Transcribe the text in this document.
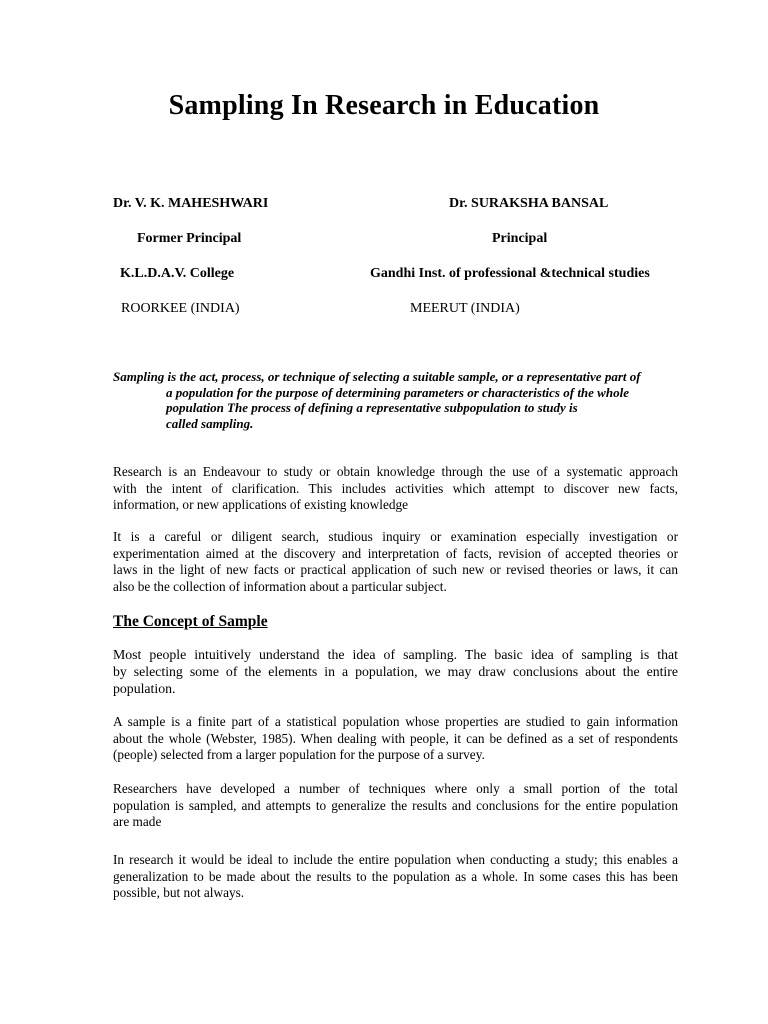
Sampling In Research in Education
Dr. V. K. MAHESHWARI
Former Principal
K.L.D.A.V. College
ROORKEE (INDIA)
Dr. SURAKSHA BANSAL
Principal
Gandhi Inst. of professional &technical studies
MEERUT (INDIA)
Sampling is the act, process, or technique of selecting a suitable sample, or a representative part of
a population for the purpose of determining parameters or characteristics of the whole
population The process of defining a representative subpopulation to study is
called sampling.
Research is an Endeavour to study or obtain knowledge through the use of a systematic approach
with the intent of clarification. This includes activities which attempt to discover new facts,
information, or new applications of existing knowledge
It is a careful or diligent search, studious inquiry or examination especially investigation or
experimentation aimed at the discovery and interpretation of facts, revision of accepted theories or
laws in the light of new facts or practical application of such new or revised theories or laws, it can
also be the collection of information about a particular subject.
The Concept of Sample
Most people intuitively understand the idea of sampling. The basic idea of sampling is that
by selecting some of the elements in a population, we may draw conclusions about the entire
population.
A sample is a finite part of a statistical population whose properties are studied to gain information
about the whole (Webster, 1985). When dealing with people, it can be defined as a set of respondents
(people) selected from a larger population for the purpose of a survey.
Researchers have developed a number of techniques where only a small portion of the total
population is sampled, and attempts to generalize the results and conclusions for the entire population
are made
In research it would be ideal to include the entire population when conducting a study; this enables a
generalization to be made about the results to the population as a whole. In some cases this has been
possible, but not always.
